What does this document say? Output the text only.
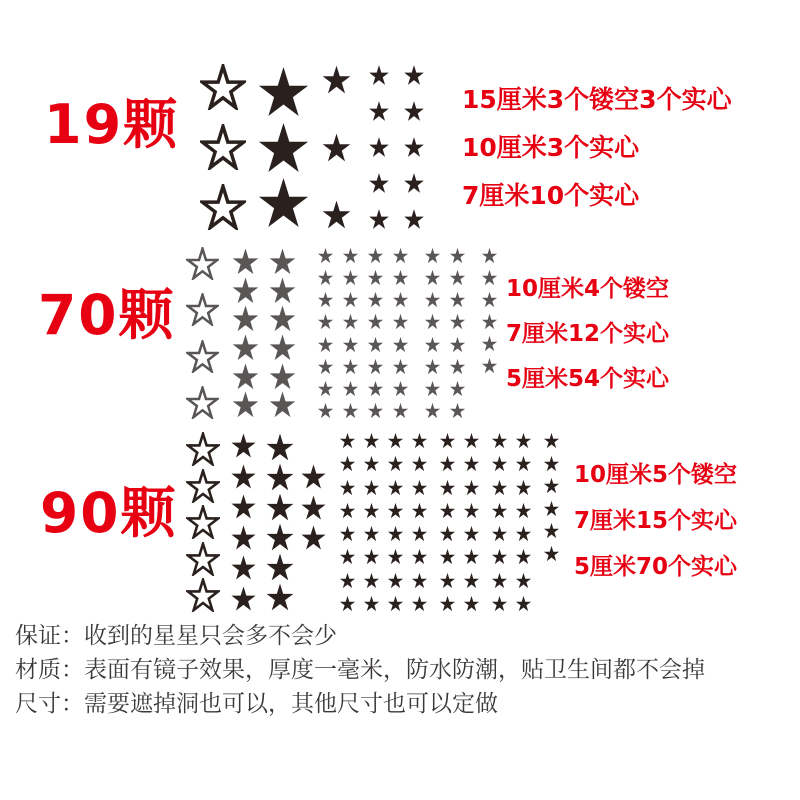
19颗	15厘米3个镂空3个实心
10厘米3个实心
7厘米10个实心
70颗	10厘米4个镂空
7厘米12个实心
5厘米54个实心
90颗
10厘米5个镂空
7厘米15个实心
5厘米70个实心
保证：收到的星星只会多不会少
材质：表面有镜子效果，厚度一毫米，防水防潮，贴卫生间都不会掉
尺寸：需要遮掉洞也可以，其他尺寸也可以定做
